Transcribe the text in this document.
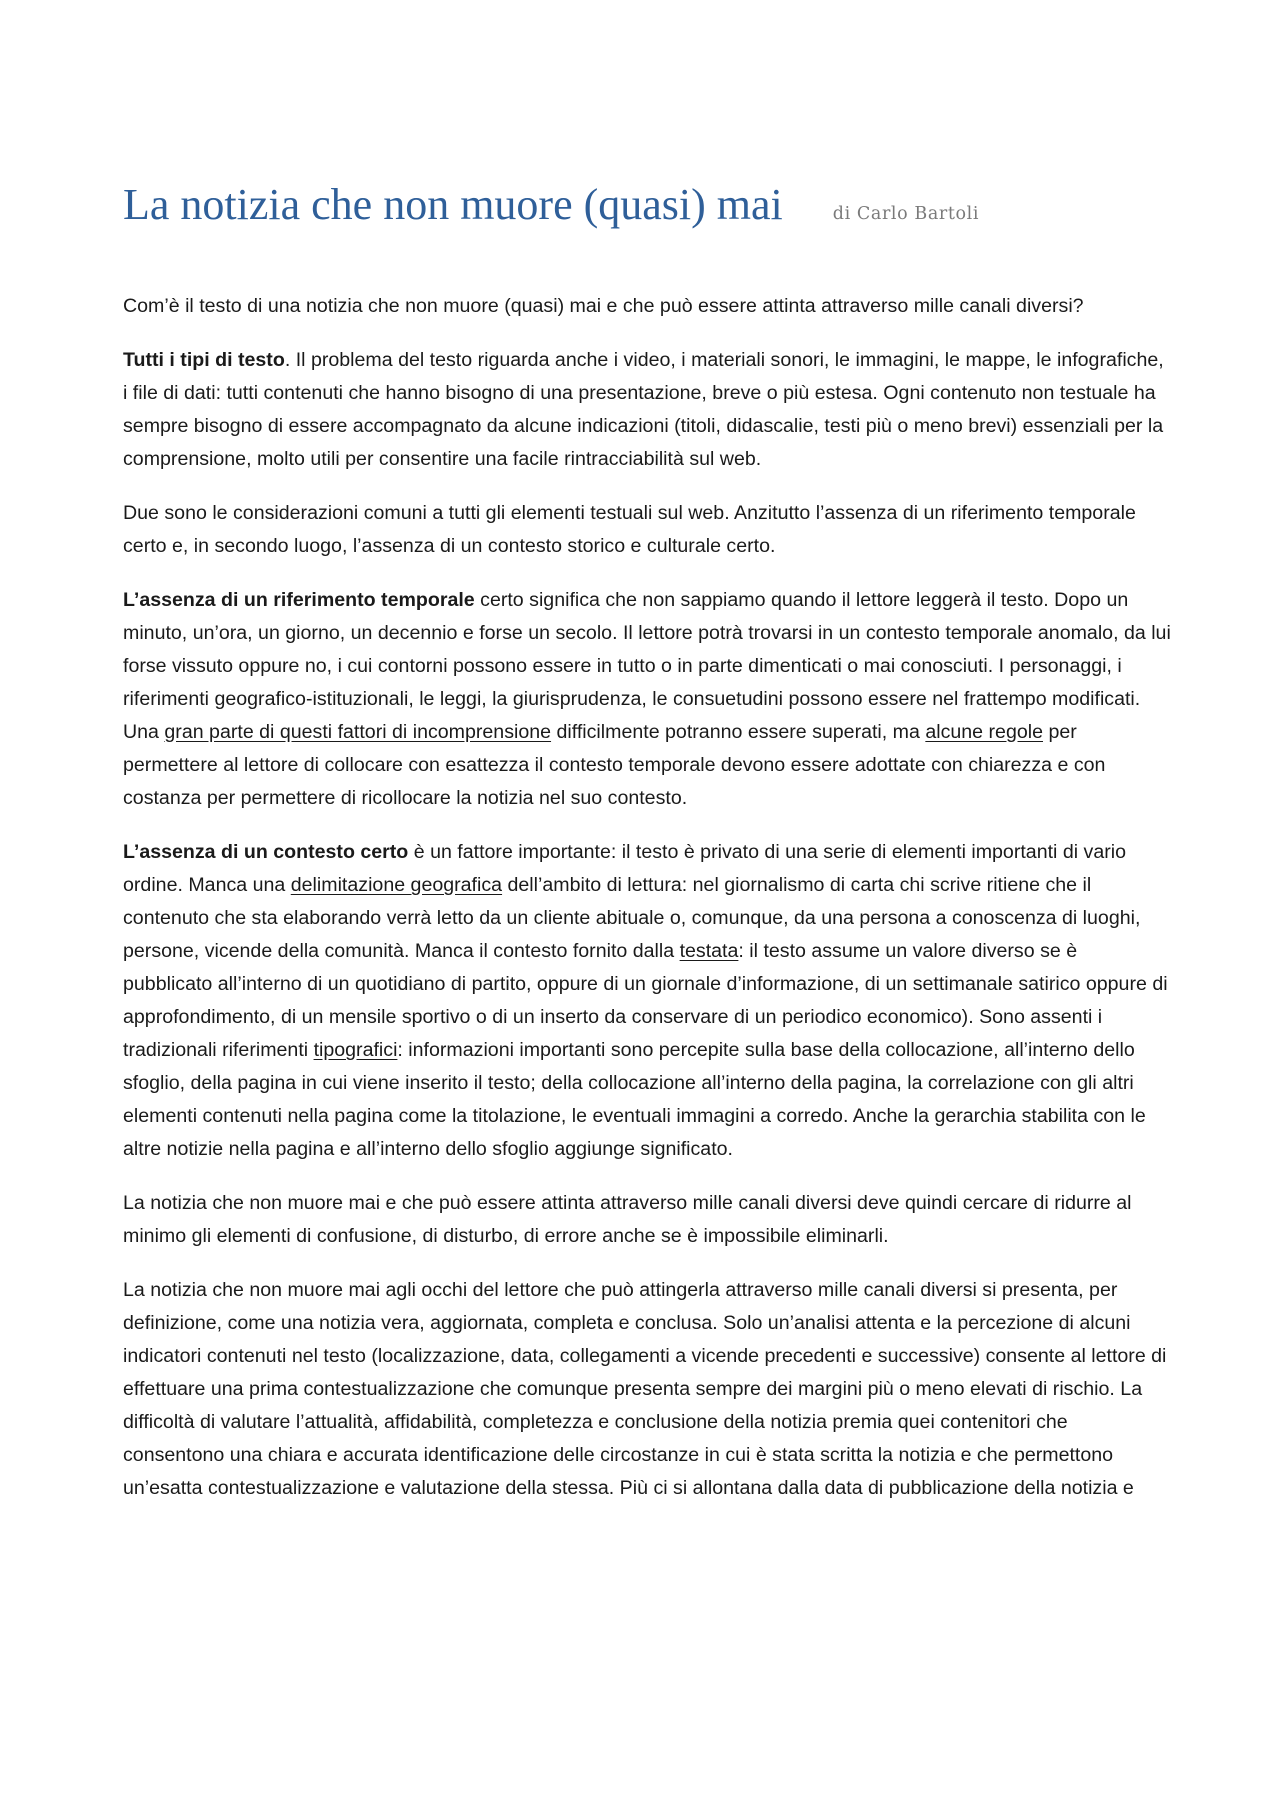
La notizia che non muore (quasi) mai	di Carlo Bartoli

Com’è il testo di una notizia che non muore (quasi) mai e che può essere attinta attraverso mille canali diversi?

Tutti i tipi di testo. Il problema del testo riguarda anche i video, i materiali sonori, le immagini, le mappe, le infografiche, i file di dati: tutti contenuti che hanno bisogno di una presentazione, breve o più estesa. Ogni contenuto non testuale ha sempre bisogno di essere accompagnato da alcune indicazioni (titoli, didascalie, testi più o meno brevi) essenziali per la comprensione, molto utili per consentire una facile rintracciabilità sul web.

Due sono le considerazioni comuni a tutti gli elementi testuali sul web. Anzitutto l’assenza di un riferimento temporale certo e, in secondo luogo, l’assenza di un contesto storico e culturale certo.

L’assenza di un riferimento temporale certo significa che non sappiamo quando il lettore leggerà il testo. Dopo un minuto, un’ora, un giorno, un decennio e forse un secolo. Il lettore potrà trovarsi in un contesto temporale anomalo, da lui forse vissuto oppure no, i cui contorni possono essere in tutto o in parte dimenticati o mai conosciuti. I personaggi, i riferimenti geografico-istituzionali, le leggi, la giurisprudenza, le consuetudini possono essere nel frattempo modificati. Una gran parte di questi fattori di incomprensione difficilmente potranno essere superati, ma alcune regole per permettere al lettore di collocare con esattezza il contesto temporale devono essere adottate con chiarezza e con costanza per permettere di ricollocare la notizia nel suo contesto.

L’assenza di un contesto certo è un fattore importante: il testo è privato di una serie di elementi importanti di vario ordine. Manca una delimitazione geografica dell’ambito di lettura: nel giornalismo di carta chi scrive ritiene che il contenuto che sta elaborando verrà letto da un cliente abituale o, comunque, da una persona a conoscenza di luoghi, persone, vicende della comunità. Manca il contesto fornito dalla testata: il testo assume un valore diverso se è pubblicato all’interno di un quotidiano di partito, oppure di un giornale d’informazione, di un settimanale satirico oppure di approfondimento, di un mensile sportivo o di un inserto da conservare di un periodico economico). Sono assenti i tradizionali riferimenti tipografici: informazioni importanti sono percepite sulla base della collocazione, all’interno dello sfoglio, della pagina in cui viene inserito il testo; della collocazione all’interno della pagina, la correlazione con gli altri elementi contenuti nella pagina come la titolazione, le eventuali immagini a corredo. Anche la gerarchia stabilita con le altre notizie nella pagina e all’interno dello sfoglio aggiunge significato.

La notizia che non muore mai e che può essere attinta attraverso mille canali diversi deve quindi cercare di ridurre al minimo gli elementi di confusione, di disturbo, di errore anche se è impossibile eliminarli.

La notizia che non muore mai agli occhi del lettore che può attingerla attraverso mille canali diversi si presenta, per definizione, come una notizia vera, aggiornata, completa e conclusa. Solo un’analisi attenta e la percezione di alcuni indicatori contenuti nel testo (localizzazione, data, collegamenti a vicende precedenti e successive) consente al lettore di effettuare una prima contestualizzazione che comunque presenta sempre dei margini più o meno elevati di rischio. La difficoltà di valutare l’attualità, affidabilità, completezza e conclusione della notizia premia quei contenitori che consentono una chiara e accurata identificazione delle circostanze in cui è stata scritta la notizia e che permettono un’esatta contestualizzazione e valutazione della stessa. Più ci si allontana dalla data di pubblicazione della notizia e
